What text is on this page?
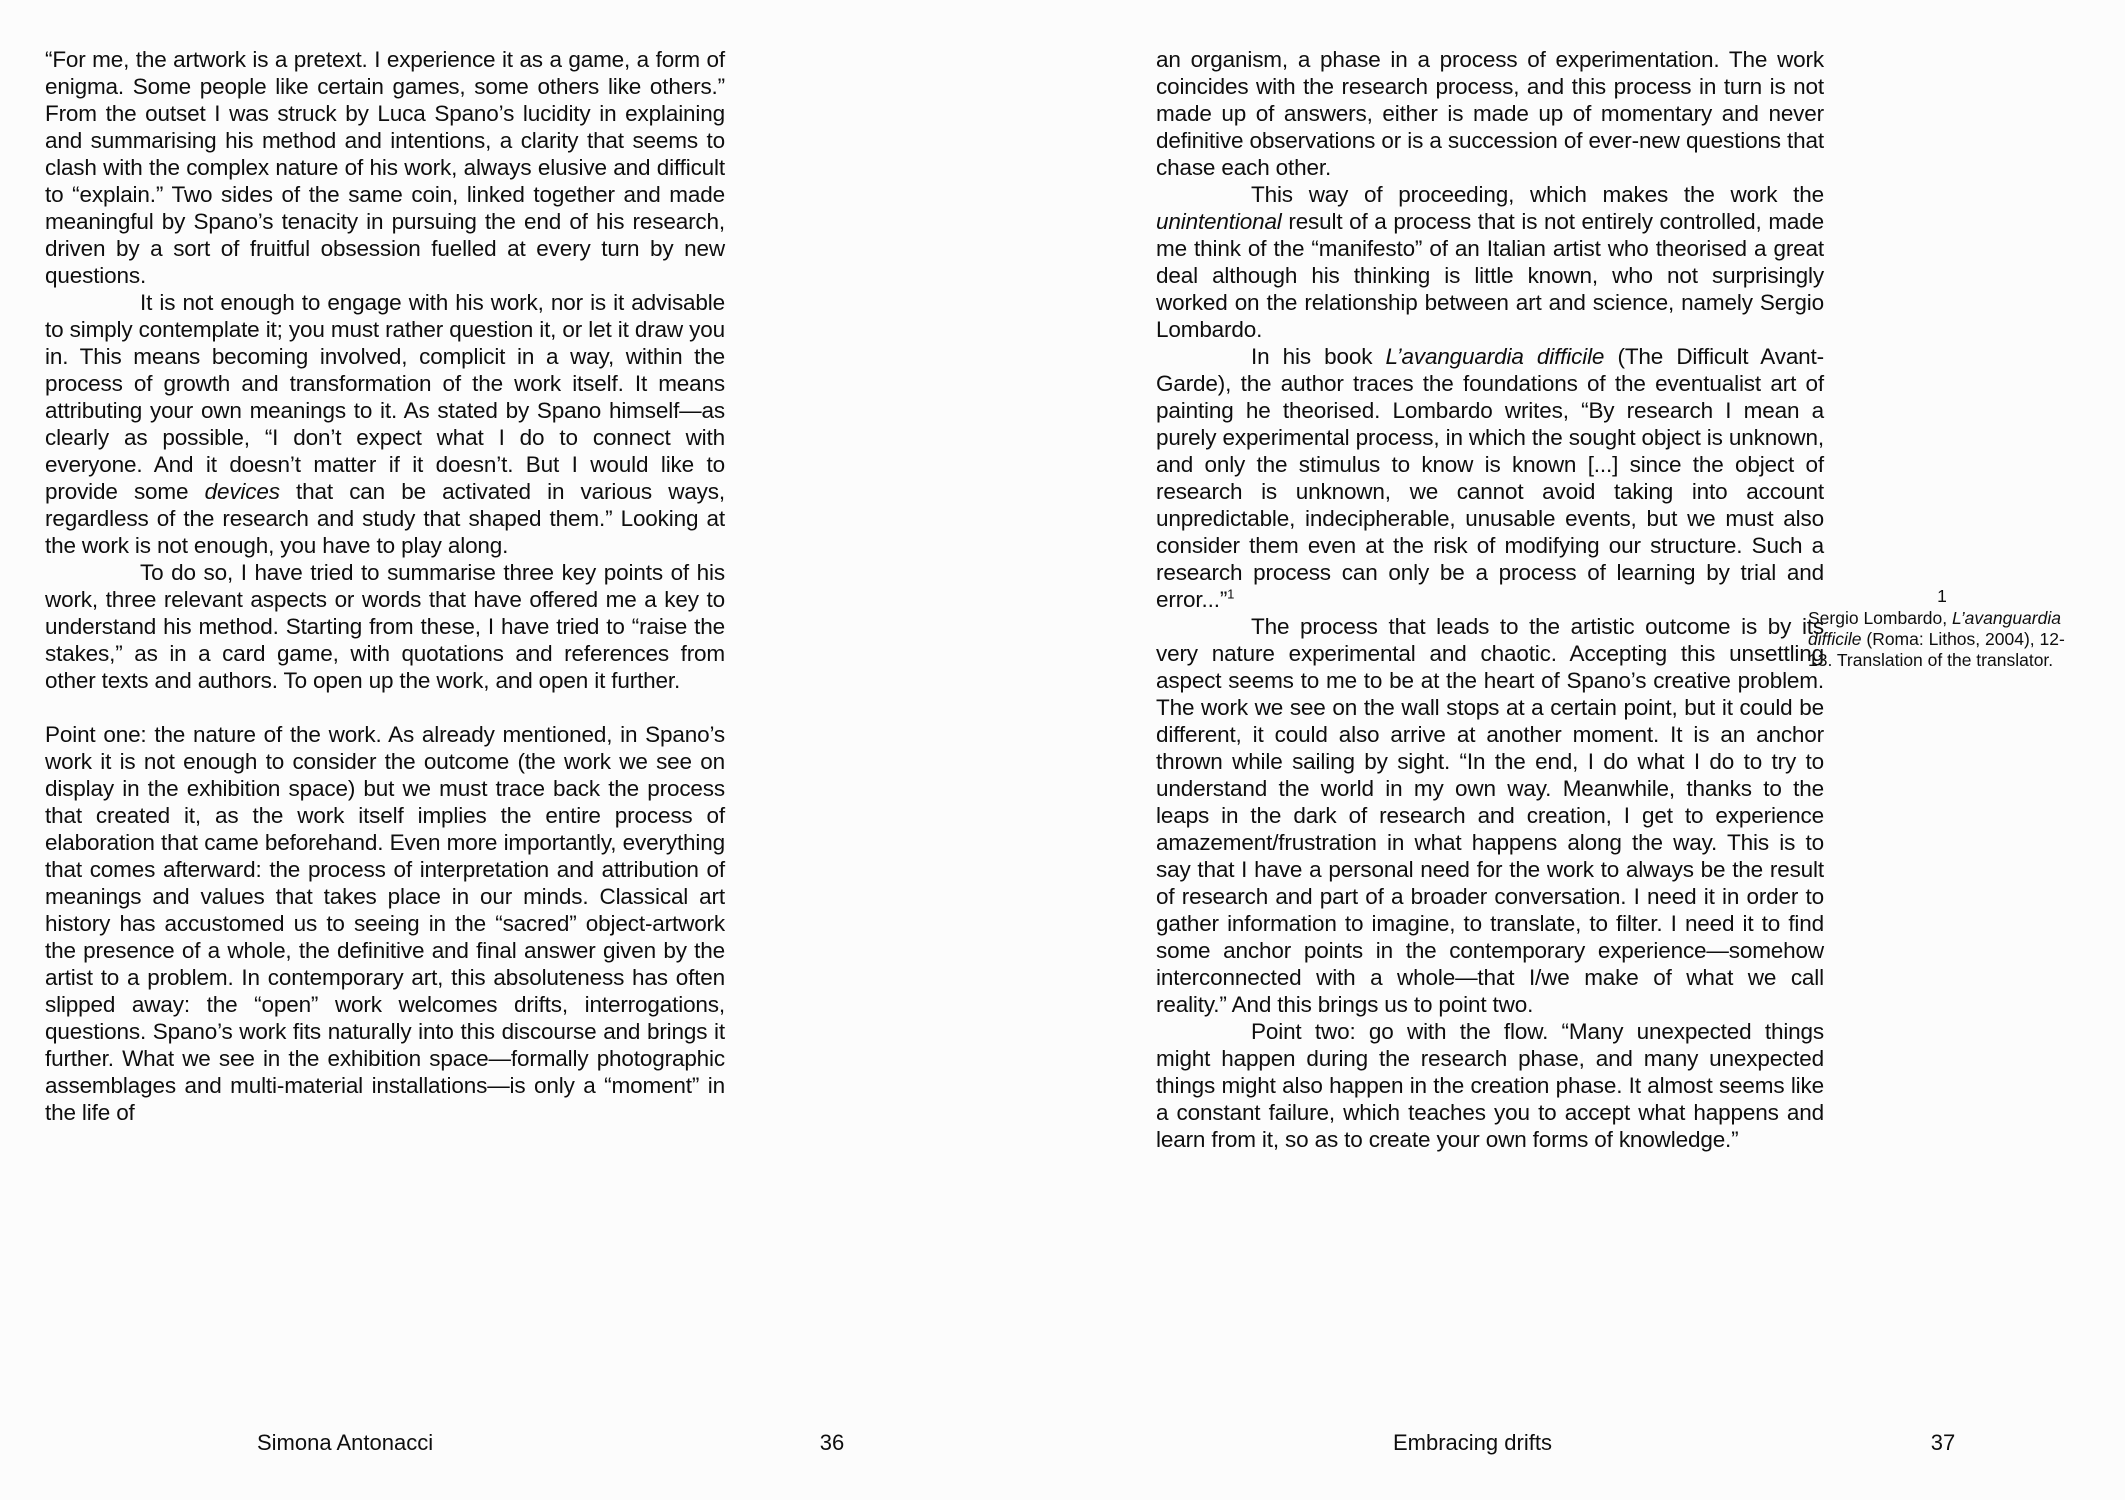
“For me, the artwork is a pretext. I experience it as a game, a form of enigma. Some people like certain games, some others like others.” From the outset I was struck by Luca Spano’s lucidity in explaining and summarising his method and intentions, a clarity that seems to clash with the complex nature of his work, always elusive and difficult to “explain.” Two sides of the same coin, linked together and made meaningful by Spano’s tenacity in pursuing the end of his research, driven by a sort of fruitful obsession fuelled at every turn by new questions.

It is not enough to engage with his work, nor is it advisable to simply contemplate it; you must rather question it, or let it draw you in. This means becoming involved, complicit in a way, within the process of growth and transformation of the work itself. It means attributing your own meanings to it. As stated by Spano himself—as clearly as possible, “I don’t expect what I do to connect with everyone. And it doesn’t matter if it doesn’t. But I would like to provide some devices that can be activated in various ways, regardless of the research and study that shaped them.” Looking at the work is not enough, you have to play along.

To do so, I have tried to summarise three key points of his work, three relevant aspects or words that have offered me a key to understand his method. Starting from these, I have tried to “raise the stakes,” as in a card game, with quotations and references from other texts and authors. To open up the work, and open it further.

Point one: the nature of the work. As already mentioned, in Spano’s work it is not enough to consider the outcome (the work we see on display in the exhibition space) but we must trace back the process that created it, as the work itself implies the entire process of elaboration that came beforehand. Even more importantly, everything that comes afterward: the process of interpretation and attribution of meanings and values that takes place in our minds. Classical art history has accustomed us to seeing in the “sacred” object-artwork the presence of a whole, the definitive and final answer given by the artist to a problem. In contemporary art, this absoluteness has often slipped away: the “open” work welcomes drifts, interrogations, questions. Spano’s work fits naturally into this discourse and brings it further. What we see in the exhibition space—formally photographic assemblages and multi-material installations—is only a “moment” in the life of

Simona Antonacci	36

an organism, a phase in a process of experimentation. The work coincides with the research process, and this process in turn is not made up of answers, either is made up of momentary and never definitive observations or is a succession of ever-new questions that chase each other.

This way of proceeding, which makes the work the unintentional result of a process that is not entirely controlled, made me think of the “manifesto” of an Italian artist who theorised a great deal although his thinking is little known, who not surprisingly worked on the relationship between art and science, namely Sergio Lombardo.

In his book L’avanguardia difficile (The Difficult Avant-Garde), the author traces the foundations of the eventualist art of painting he theorised. Lombardo writes, “By research I mean a purely experimental process, in which the sought object is unknown, and only the stimulus to know is known [...] since the object of research is unknown, we cannot avoid taking into account unpredictable, indecipherable, unusable events, but we must also consider them even at the risk of modifying our structure. Such a research process can only be a process of learning by trial and error...”$^1$

The process that leads to the artistic outcome is by its very nature experimental and chaotic. Accepting this unsettling aspect seems to me to be at the heart of Spano’s creative problem. The work we see on the wall stops at a certain point, but it could be different, it could also arrive at another moment. It is an anchor thrown while sailing by sight. “In the end, I do what I do to try to understand the world in my own way. Meanwhile, thanks to the leaps in the dark of research and creation, I get to experience amazement/frustration in what happens along the way. This is to say that I have a personal need for the work to always be the result of research and part of a broader conversation. I need it in order to gather information to imagine, to translate, to filter. I need it to find some anchor points in the contemporary experience—somehow interconnected with a whole—that I/we make of what we call reality.” And this brings us to point two.

Point two: go with the flow. “Many unexpected things might happen during the research phase, and many unexpected things might also happen in the creation phase. It almost seems like a constant failure, which teaches you to accept what happens and learn from it, so as to create your own forms of knowledge.”

1

Sergio Lombardo, L’avanguardia difficile (Roma: Lithos, 2004), 12-13. Translation of the translator.

Embracing drifts	37
